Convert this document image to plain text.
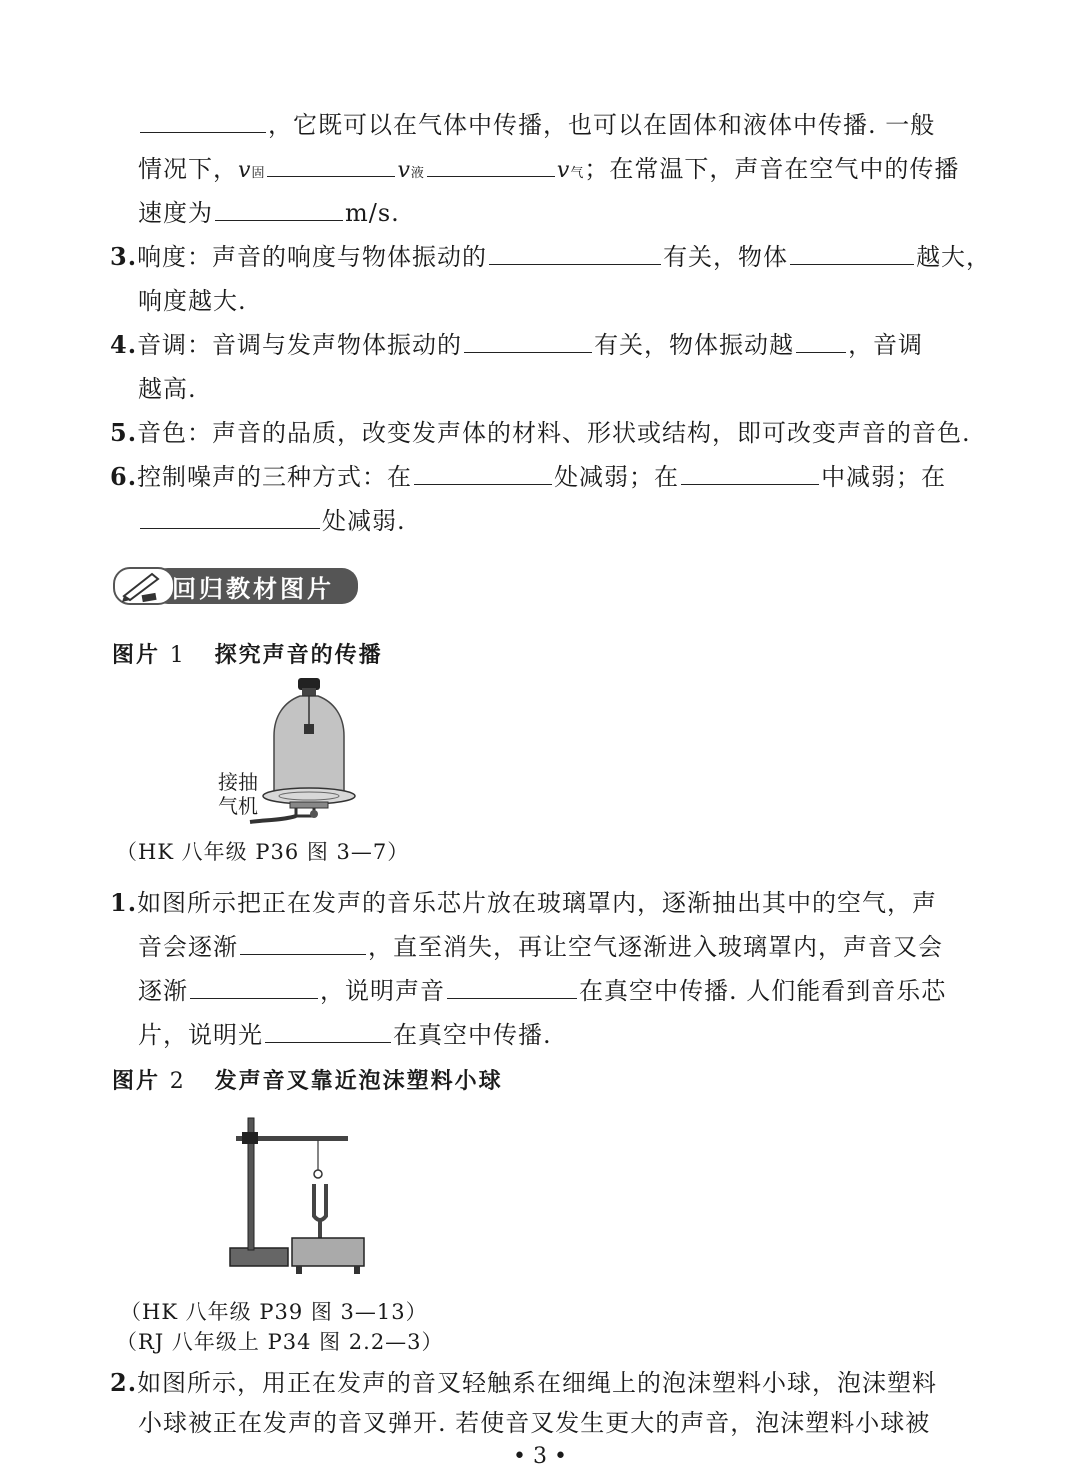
，它既可以在气体中传播，也可以在固体和液体中传播. 一般
情况下，v固	v液	v气；在常温下，声音在空气中的传播
速度为	m/s.
3.响度：声音的响度与物体振动的	有关，物体	越大，
响度越大.
4.音调：音调与发声物体振动的	有关，物体振动越 ，音调
越高.
5.音色：声音的品质，改变发声体的材料、形状或结构，即可改变声音的音色.
6.控制噪声的三种方式：在	处减弱；在	中减弱；在
处减弱.
回归教材图片
图片 1 探究声音的传播
接抽
气机
（HK 八年级 P36 图 3—7）
1.如图所示把正在发声的音乐芯片放在玻璃罩内，逐渐抽出其中的空气，声
音会逐渐	，直至消失，再让空气逐渐进入玻璃罩内，声音又会
逐渐	，说明声音	在真空中传播. 人们能看到音乐芯
片，说明光	在真空中传播.
图片 2 发声音叉靠近泡沫塑料小球
（HK 八年级 P39 图 3—13）
（RJ 八年级上 P34 图 2.2—3）
2.如图所示，用正在发声的音叉轻触系在细绳上的泡沫塑料小球，泡沫塑料
小球被正在发声的音叉弹开. 若使音叉发生更大的声音，泡沫塑料小球被
• 3 •
